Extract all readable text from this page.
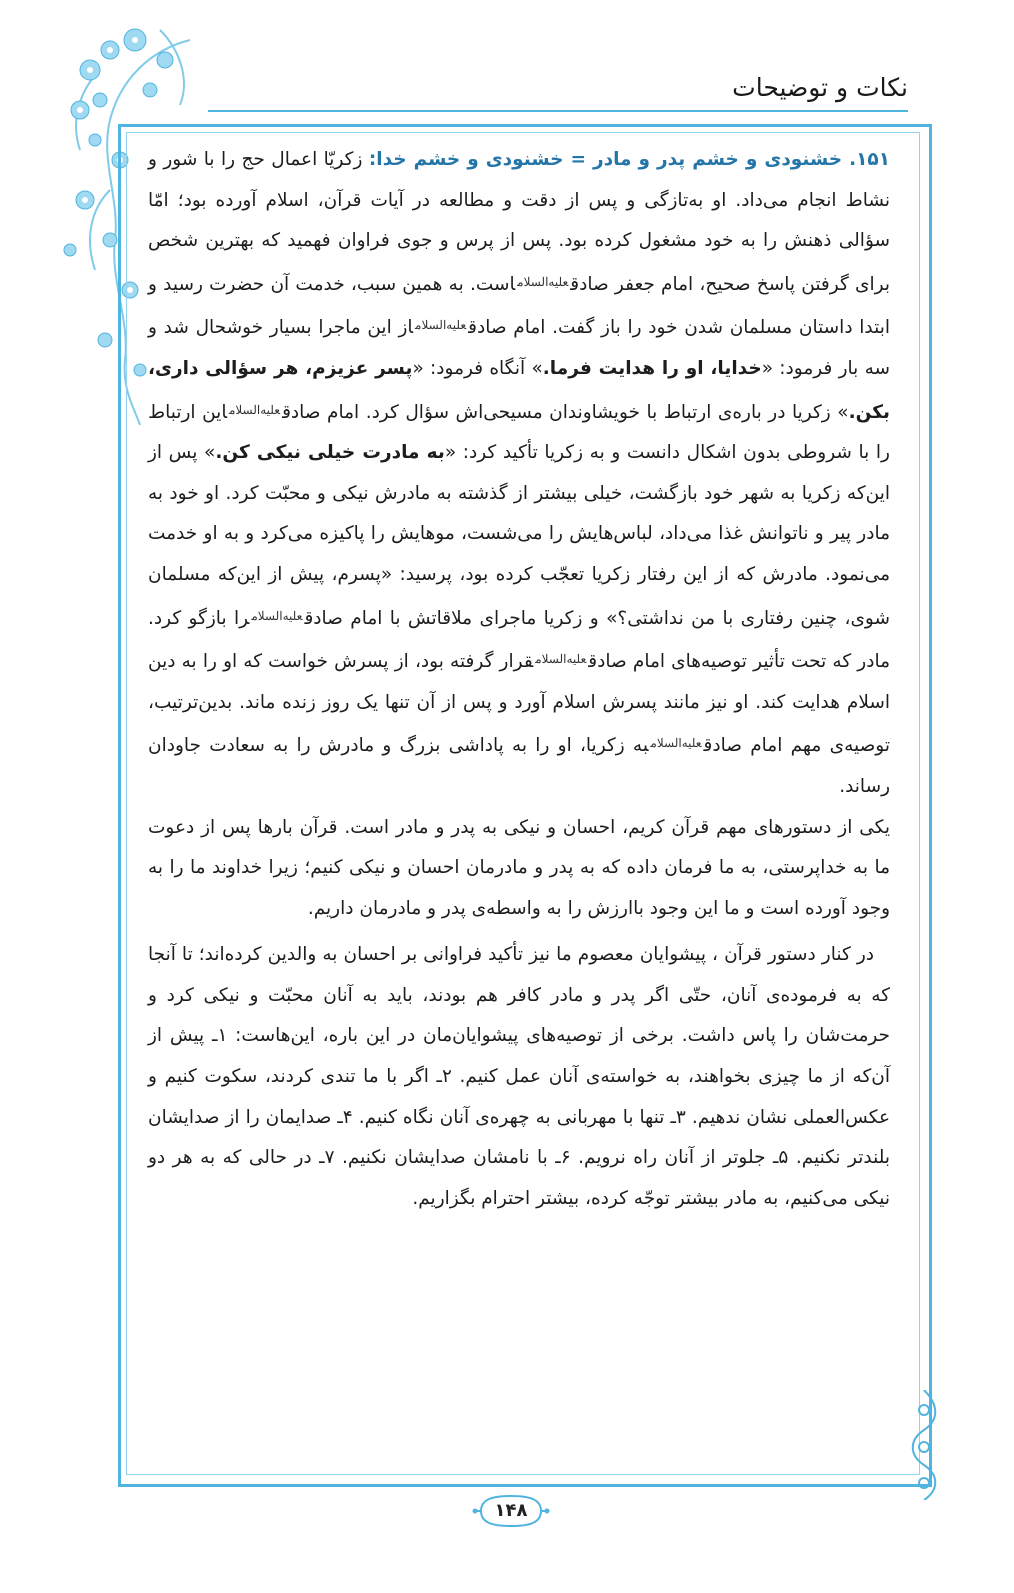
نکات و توضیحات

۱۵۱. خشنودی و خشم پدر و مادر = خشنودی و خشم خدا: زکریّا اعمال حج را با شور و نشاط انجام می‌داد. او به‌تازگی و پس از دقت و مطالعه در آیات قرآن، اسلام آورده بود؛ امّا سؤالی ذهنش را به خود مشغول کرده بود. پس از پرس و جوی فراوان فهمید که بهترین شخص برای گرفتن پاسخ صحیح، امام جعفر صادق$^{علیه‌السلام}$است. به همین سبب، خدمت آن حضرت رسید و ابتدا داستان مسلمان شدن خود را باز گفت. امام صادق$^{علیه‌السلام}$از این ماجرا بسیار خوشحال شد و سه بار فرمود: «خدایا، او را هدایت فرما.» آنگاه فرمود: «پسر عزیزم، هر سؤالی داری، بکن.» زکریا در باره‌ی ارتباط با خویشاوندان مسیحی‌اش سؤال کرد. امام صادق$^{علیه‌السلام}$این ارتباط را با شروطی بدون اشکال دانست و به زکریا تأکید کرد: «به مادرت خیلی نیکی کن.» پس از این‌که زکریا به شهر خود بازگشت، خیلی بیشتر از گذشته به مادرش نیکی و محبّت کرد. او خود به مادر پیر و ناتوانش غذا می‌داد، لباس‌هایش را می‌شست، موهایش را پاکیزه می‌کرد و به او خدمت می‌نمود. مادرش که از این رفتار زکریا تعجّب کرده بود، پرسید: «پسرم، پیش از این‌که مسلمان شوی، چنین رفتاری با من نداشتی؟» و زکریا ماجرای ملاقاتش با امام صادق$^{علیه‌السلام}$را بازگو کرد. مادر که تحت تأثیر توصیه‌های امام صادق$^{علیه‌السلام}$قرار گرفته بود، از پسرش خواست که او را به دین اسلام هدایت کند. او نیز مانند پسرش اسلام آورد و پس از آن تنها یک روز زنده ماند. بدین‌ترتیب، توصیه‌ی مهم امام صادق$^{علیه‌السلام}$به زکریا، او را به پاداشی بزرگ و مادرش را به سعادت جاودان رساند.

یکی از دستورهای مهم قرآن کریم، احسان و نیکی به پدر و مادر است. قرآن بارها پس از دعوت ما به خداپرستی، به ما فرمان داده که به پدر و مادرمان احسان و نیکی کنیم؛ زیرا خداوند ما را به وجود آورده است و ما این وجود باارزش را به واسطه‌ی پدر و مادرمان داریم.

در کنار دستور قرآن ، پیشوایان معصوم ما نیز تأکید فراوانی بر احسان به والدین کرده‌اند؛ تا آنجا که به فرموده‌ی آنان، حتّی اگر پدر و مادر کافر هم بودند، باید به آنان محبّت و نیکی کرد و حرمت‌شان را پاس داشت. برخی از توصیه‌های پیشوایان‌مان در این باره، این‌هاست: ۱ـ پیش از آن‌که از ما چیزی بخواهند، به خواسته‌ی آنان عمل کنیم. ۲ـ اگر با ما تندی کردند، سکوت کنیم و عکس‌العملی نشان ندهیم. ۳ـ تنها با مهربانی به چهره‌ی آنان نگاه کنیم. ۴ـ صدایمان را از صدایشان بلندتر نکنیم. ۵ـ جلوتر از آنان راه نرویم. ۶ـ با نامشان صدایشان نکنیم. ۷ـ در حالی که به هر دو نیکی می‌کنیم، به مادر بیشتر توجّه کرده، بیشتر احترام بگزاریم.

۱۴۸
